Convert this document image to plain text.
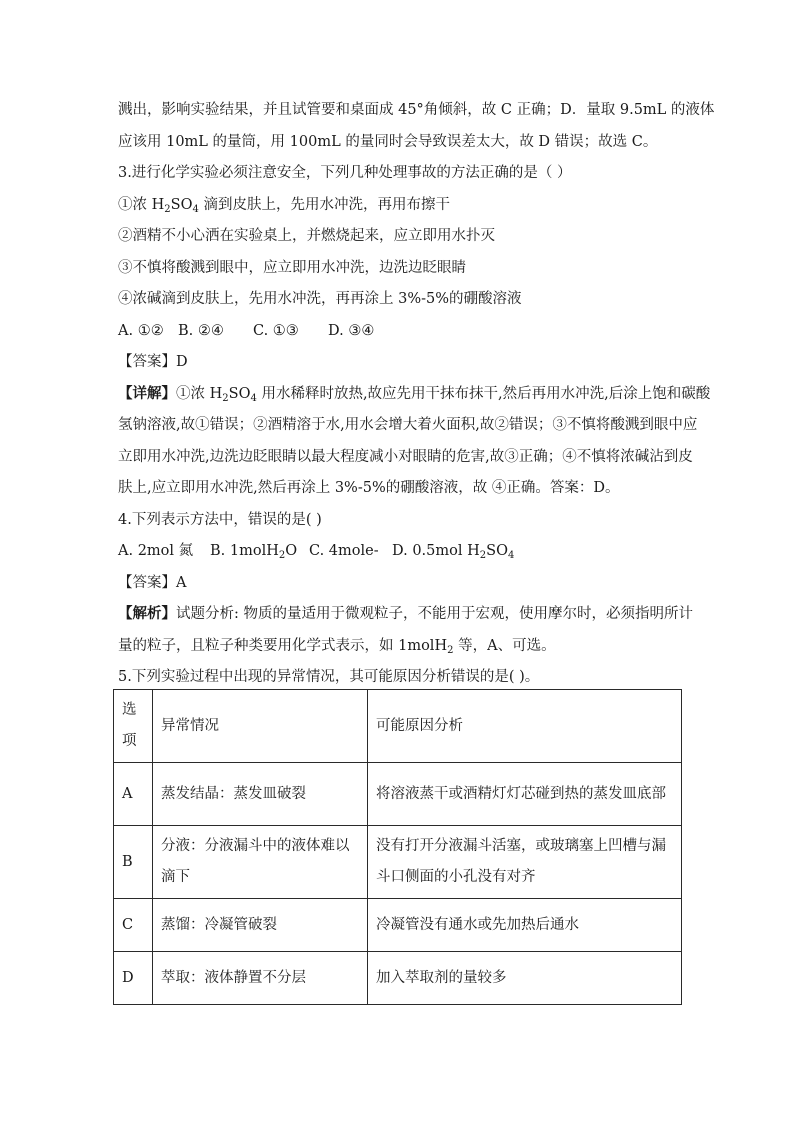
溅出，影响实验结果，并且试管要和桌面成 45°角倾斜，故 C 正确；D．量取 9.5mL 的液体

应该用 10mL 的量筒，用 100mL 的量同时会导致误差太大，故 D 错误；故选 C。

3.进行化学实验必须注意安全，下列几种处理事故的方法正确的是（ ）

①浓 $H_2SO_4$ 滴到皮肤上，先用水冲洗，再用布擦干

②酒精不小心洒在实验桌上，并燃烧起来，应立即用水扑灭

③不慎将酸溅到眼中，应立即用水冲洗，边洗边眨眼睛

④浓碱滴到皮肤上，先用水冲洗，再再涂上 3%-5%的硼酸溶液

A. ①② B. ②④ C. ①③ D. ③④

【答案】D

【详解】①浓 $H_2SO_4$ 用水稀释时放热,故应先用干抹布抹干,然后再用水冲洗,后涂上饱和碳酸

氢钠溶液,故①错误；②酒精溶于水,用水会增大着火面积,故②错误；③不慎将酸溅到眼中应

立即用水冲洗,边洗边眨眼睛以最大程度减小对眼睛的危害,故③正确；④不慎将浓碱沾到皮

肤上,应立即用水冲洗,然后再涂上 3%-5%的硼酸溶液，故 ④正确。答案：D。

4.下列表示方法中，错误的是( )

A. 2mol 氮 B. 1molH$_2$O C. 4mole- D. 0.5mol $H_2SO_4$

【答案】A

【解析】试题分析: 物质的量适用于微观粒子，不能用于宏观，使用摩尔时，必须指明所计

量的粒子，且粒子种类要用化学式表示，如 1molH$_2$ 等，A、可选。

5.下列实验过程中出现的异常情况，其可能原因分析错误的是( )。

选项	异常情况	可能原因分析
A	蒸发结晶：蒸发皿破裂	将溶液蒸干或酒精灯灯芯碰到热的蒸发皿底部
B	分液：分液漏斗中的液体难以滴下	没有打开分液漏斗活塞，或玻璃塞上凹槽与漏斗口侧面的小孔没有对齐
C	蒸馏：冷凝管破裂	冷凝管没有通水或先加热后通水
D	萃取：液体静置不分层	加入萃取剂的量较多
